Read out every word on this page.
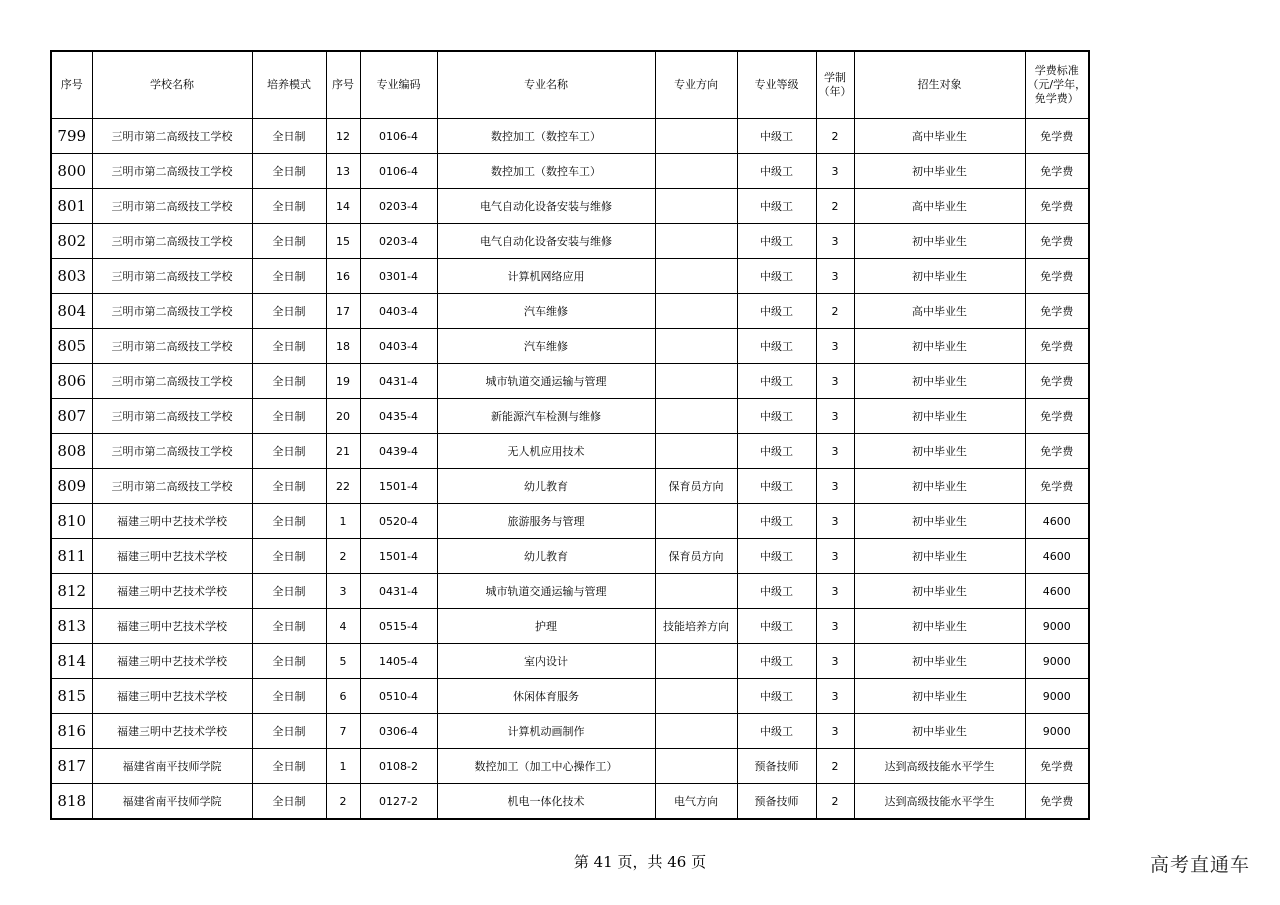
序号	学校名称	培养模式	序号	专业编码	专业名称	专业方向	专业等级	学制（年）	招生对象	学费标准（元/学年，免学费）
799	三明市第二高级技工学校	全日制	12	0106-4	数控加工（数控车工）		中级工	2	高中毕业生	免学费
800	三明市第二高级技工学校	全日制	13	0106-4	数控加工（数控车工）		中级工	3	初中毕业生	免学费
801	三明市第二高级技工学校	全日制	14	0203-4	电气自动化设备安装与维修		中级工	2	高中毕业生	免学费
802	三明市第二高级技工学校	全日制	15	0203-4	电气自动化设备安装与维修		中级工	3	初中毕业生	免学费
803	三明市第二高级技工学校	全日制	16	0301-4	计算机网络应用		中级工	3	初中毕业生	免学费
804	三明市第二高级技工学校	全日制	17	0403-4	汽车维修		中级工	2	高中毕业生	免学费
805	三明市第二高级技工学校	全日制	18	0403-4	汽车维修		中级工	3	初中毕业生	免学费
806	三明市第二高级技工学校	全日制	19	0431-4	城市轨道交通运输与管理		中级工	3	初中毕业生	免学费
807	三明市第二高级技工学校	全日制	20	0435-4	新能源汽车检测与维修		中级工	3	初中毕业生	免学费
808	三明市第二高级技工学校	全日制	21	0439-4	无人机应用技术		中级工	3	初中毕业生	免学费
809	三明市第二高级技工学校	全日制	22	1501-4	幼儿教育	保育员方向	中级工	3	初中毕业生	免学费
810	福建三明中艺技术学校	全日制	1	0520-4	旅游服务与管理		中级工	3	初中毕业生	4600
811	福建三明中艺技术学校	全日制	2	1501-4	幼儿教育	保育员方向	中级工	3	初中毕业生	4600
812	福建三明中艺技术学校	全日制	3	0431-4	城市轨道交通运输与管理		中级工	3	初中毕业生	4600
813	福建三明中艺技术学校	全日制	4	0515-4	护理	技能培养方向	中级工	3	初中毕业生	9000
814	福建三明中艺技术学校	全日制	5	1405-4	室内设计		中级工	3	初中毕业生	9000
815	福建三明中艺技术学校	全日制	6	0510-4	休闲体育服务		中级工	3	初中毕业生	9000
816	福建三明中艺技术学校	全日制	7	0306-4	计算机动画制作		中级工	3	初中毕业生	9000
817	福建省南平技师学院	全日制	1	0108-2	数控加工（加工中心操作工）		预备技师	2	达到高级技能水平学生	免学费
818	福建省南平技师学院	全日制	2	0127-2	机电一体化技术	电气方向	预备技师	2	达到高级技能水平学生	免学费
第 41 页，共 46 页	高考直通车
